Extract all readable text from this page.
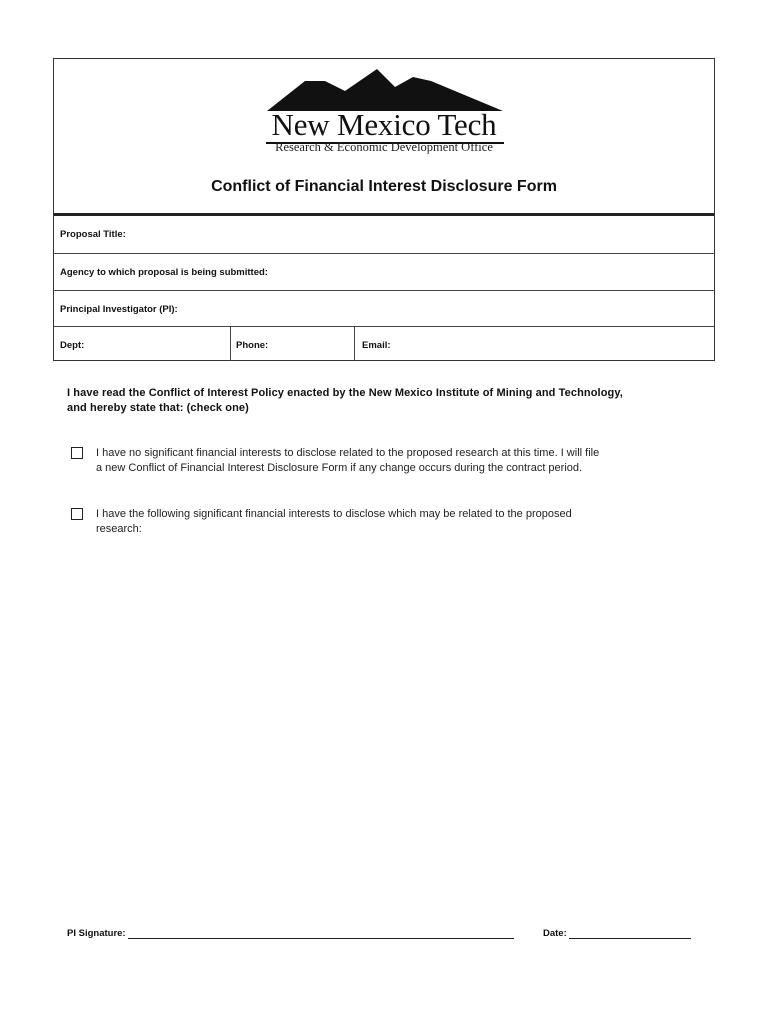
New Mexico Tech
Research & Economic Development Office
Conflict of Financial Interest Disclosure Form
Proposal Title:
Agency to which proposal is being submitted:
Principal Investigator (PI):
Dept:	Phone:	Email:
I have read the Conflict of Interest Policy enacted by the New Mexico Institute of Mining and Technology,
and hereby state that: (check one)
I have no significant financial interests to disclose related to the proposed research at this time. I will file
a new Conflict of Financial Interest Disclosure Form if any change occurs during the contract period.
I have the following significant financial interests to disclose which may be related to the proposed
research:
PI Signature:	Date:
